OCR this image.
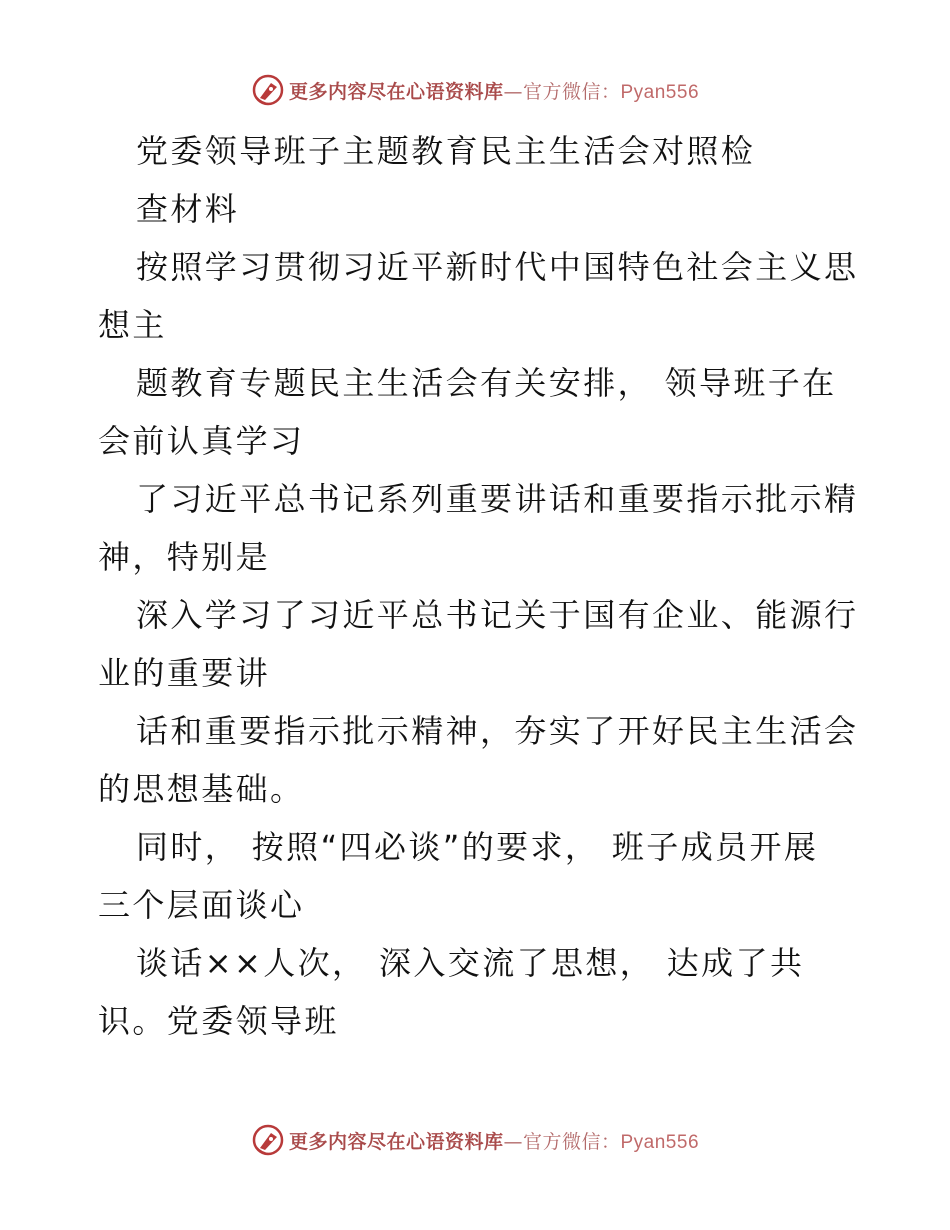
更多内容尽在心语资料库—官方微信：Pyan556
党委领导班子主题教育民主生活会对照检
查材料
按照学习贯彻习近平新时代中国特色社会主义思
想主
题教育专题民主生活会有关安排， 领导班子在
会前认真学习
了习近平总书记系列重要讲话和重要指示批示精
神，特别是
深入学习了习近平总书记关于国有企业、能源行
业的重要讲
话和重要指示批示精神，夯实了开好民主生活会
的思想基础。
同时， 按照“四必谈”的要求， 班子成员开展
三个层面谈心
谈话××人次， 深入交流了思想， 达成了共
识。党委领导班
更多内容尽在心语资料库—官方微信：Pyan556
